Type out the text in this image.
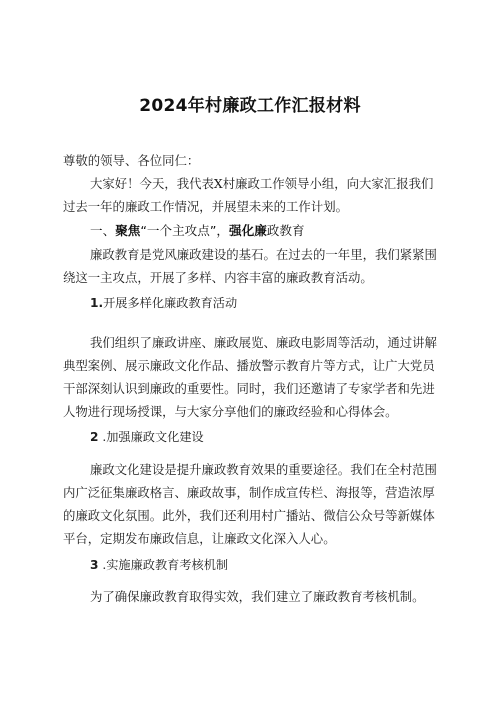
2024年村廉政工作汇报材料
尊敬的领导、各位同仁：
大家好！今天，我代表X村廉政工作领导小组，向大家汇报我们
过去一年的廉政工作情况，并展望未来的工作计划。
一、聚焦“一个主攻点”，强化廉政教育
廉政教育是党风廉政建设的基石。在过去的一年里，我们紧紧围
绕这一主攻点，开展了多样、内容丰富的廉政教育活动。
1.开展多样化廉政教育活动
我们组织了廉政讲座、廉政展览、廉政电影周等活动，通过讲解
典型案例、展示廉政文化作品、播放警示教育片等方式，让广大党员
干部深刻认识到廉政的重要性。同时，我们还邀请了专家学者和先进
人物进行现场授课，与大家分享他们的廉政经验和心得体会。
2 .加强廉政文化建设
廉政文化建设是提升廉政教育效果的重要途径。我们在全村范围
内广泛征集廉政格言、廉政故事，制作成宣传栏、海报等，营造浓厚
的廉政文化氛围。此外，我们还利用村广播站、微信公众号等新媒体
平台，定期发布廉政信息，让廉政文化深入人心。
3 .实施廉政教育考核机制
为了确保廉政教育取得实效，我们建立了廉政教育考核机制。
